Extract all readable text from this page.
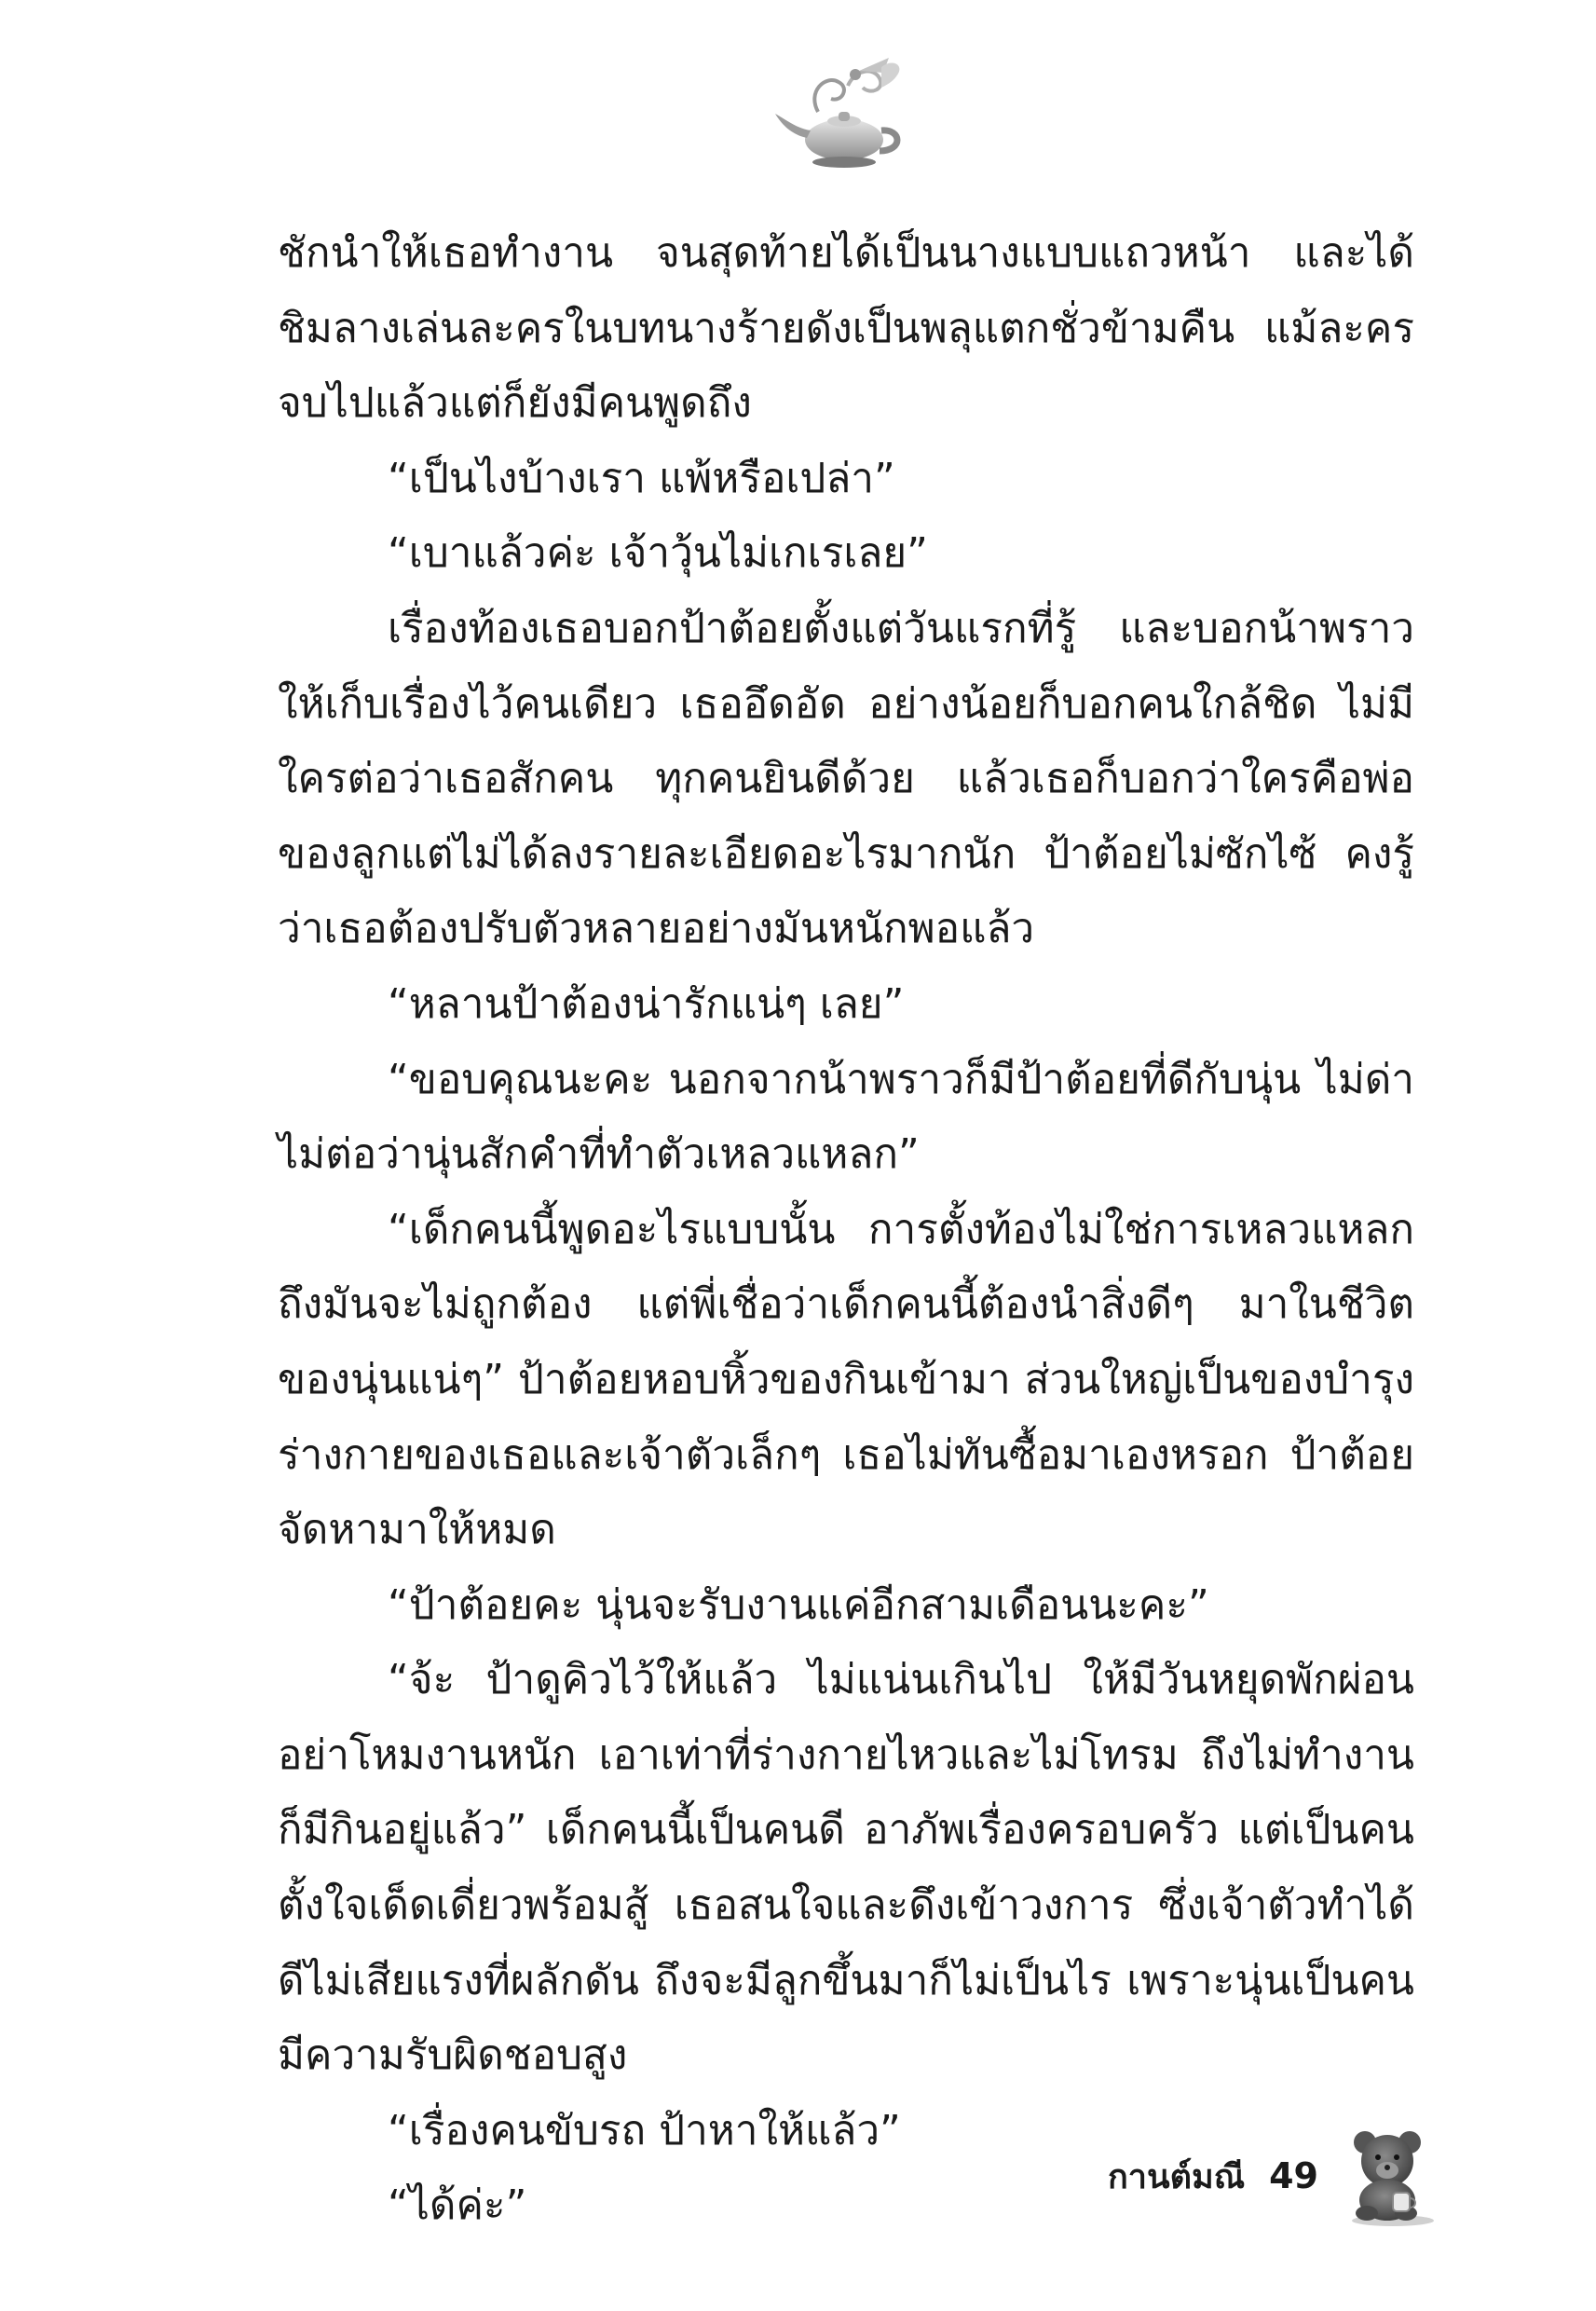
ชักนำให้เธอทำงาน จนสุดท้ายได้เป็นนางแบบแถวหน้า และได้ชิมลางเล่นละครในบทนางร้ายดังเป็นพลุแตกชั่วข้ามคืน แม้ละครจบไปแล้วแต่ก็ยังมีคนพูดถึง

“เป็นไงบ้างเรา แพ้หรือเปล่า”

“เบาแล้วค่ะ เจ้าวุ้นไม่เกเรเลย”

เรื่องท้องเธอบอกป้าต้อยตั้งแต่วันแรกที่รู้ และบอกน้าพราวให้เก็บเรื่องไว้คนเดียว เธออึดอัด อย่างน้อยก็บอกคนใกล้ชิด ไม่มีใครต่อว่าเธอสักคน ทุกคนยินดีด้วย แล้วเธอก็บอกว่าใครคือพ่อของลูกแต่ไม่ได้ลงรายละเอียดอะไรมากนัก ป้าต้อยไม่ซักไซ้ คงรู้ว่าเธอต้องปรับตัวหลายอย่างมันหนักพอแล้ว

“หลานป้าต้องน่ารักแน่ๆ เลย”

“ขอบคุณนะคะ นอกจากน้าพราวก็มีป้าต้อยที่ดีกับนุ่น ไม่ด่าไม่ต่อว่านุ่นสักคำที่ทำตัวเหลวแหลก”

“เด็กคนนี้พูดอะไรแบบนั้น การตั้งท้องไม่ใช่การเหลวแหลกถึงมันจะไม่ถูกต้อง แต่พี่เชื่อว่าเด็กคนนี้ต้องนำสิ่งดีๆ มาในชีวิตของนุ่นแน่ๆ” ป้าต้อยหอบหิ้วของกินเข้ามา ส่วนใหญ่เป็นของบำรุงร่างกายของเธอและเจ้าตัวเล็กๆ เธอไม่ทันซื้อมาเองหรอก ป้าต้อยจัดหามาให้หมด

“ป้าต้อยคะ นุ่นจะรับงานแค่อีกสามเดือนนะคะ”

“จ้ะ ป้าดูคิวไว้ให้แล้ว ไม่แน่นเกินไป ให้มีวันหยุดพักผ่อนอย่าโหมงานหนัก เอาเท่าที่ร่างกายไหวและไม่โทรม ถึงไม่ทำงานก็มีกินอยู่แล้ว” เด็กคนนี้เป็นคนดี อาภัพเรื่องครอบครัว แต่เป็นคนตั้งใจเด็ดเดี่ยวพร้อมสู้ เธอสนใจและดึงเข้าวงการ ซึ่งเจ้าตัวทำได้ดีไม่เสียแรงที่ผลักดัน ถึงจะมีลูกขึ้นมาก็ไม่เป็นไร เพราะนุ่นเป็นคนมีความรับผิดชอบสูง

“เรื่องคนขับรถ ป้าหาให้แล้ว”

“ได้ค่ะ”

กานต์มณี 49
